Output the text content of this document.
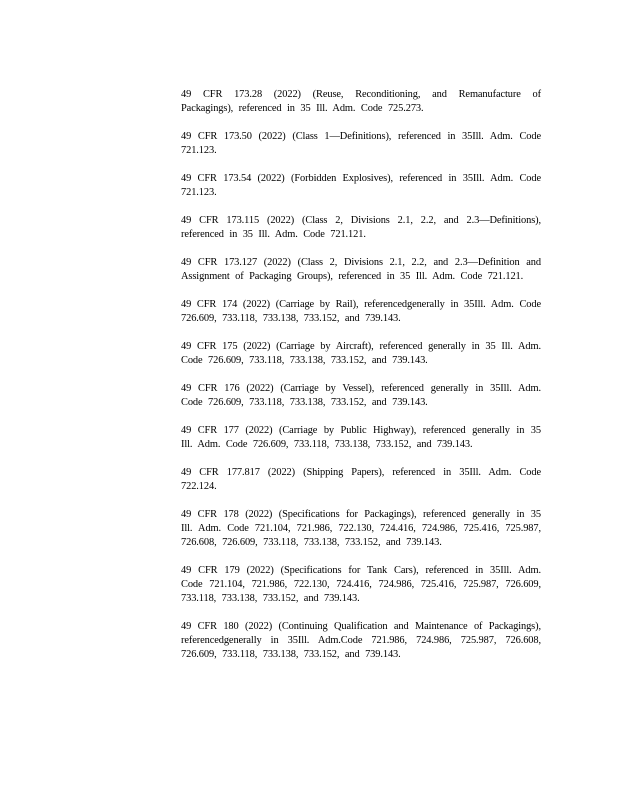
49 CFR 173.28 (2022) (Reuse, Reconditioning, and Remanufacture of Packagings), referenced in 35 Ill. Adm. Code 725.273.

49 CFR 173.50 (2022) (Class 1—Definitions), referenced in 35Ill. Adm. Code 721.123.

49 CFR 173.54 (2022) (Forbidden Explosives), referenced in 35Ill. Adm. Code 721.123.

49 CFR 173.115 (2022) (Class 2, Divisions 2.1, 2.2, and 2.3—Definitions), referenced in 35 Ill. Adm. Code 721.121.

49 CFR 173.127 (2022) (Class 2, Divisions 2.1, 2.2, and 2.3—Definition and Assignment of Packaging Groups), referenced in 35 Ill. Adm. Code 721.121.

49 CFR 174 (2022) (Carriage by Rail), referencedgenerally in 35Ill. Adm. Code 726.609, 733.118, 733.138, 733.152, and 739.143.

49 CFR 175 (2022) (Carriage by Aircraft), referenced generally in 35 Ill. Adm. Code 726.609, 733.118, 733.138, 733.152, and 739.143.

49 CFR 176 (2022) (Carriage by Vessel), referenced generally in 35Ill. Adm. Code 726.609, 733.118, 733.138, 733.152, and 739.143.

49 CFR 177 (2022) (Carriage by Public Highway), referenced generally in 35 Ill. Adm. Code 726.609, 733.118, 733.138, 733.152, and 739.143.

49 CFR 177.817 (2022) (Shipping Papers), referenced in 35Ill. Adm. Code 722.124.

49 CFR 178 (2022) (Specifications for Packagings), referenced generally in 35 Ill. Adm. Code 721.104, 721.986, 722.130, 724.416, 724.986, 725.416, 725.987, 726.608, 726.609, 733.118, 733.138, 733.152, and 739.143.

49 CFR 179 (2022) (Specifications for Tank Cars), referenced in 35Ill. Adm. Code 721.104, 721.986, 722.130, 724.416, 724.986, 725.416, 725.987, 726.609, 733.118, 733.138, 733.152, and 739.143.

49 CFR 180 (2022) (Continuing Qualification and Maintenance of Packagings), referencedgenerally in 35Ill. Adm.Code 721.986, 724.986, 725.987, 726.608, 726.609, 733.118, 733.138, 733.152, and 739.143.
